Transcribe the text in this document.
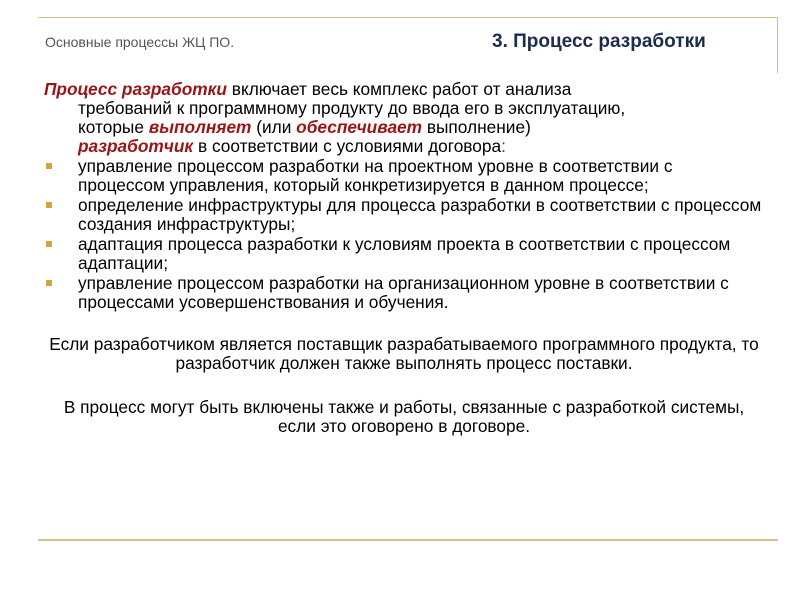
Основные процессы ЖЦ ПО.	3. Процесс разработки

Процесс разработки включает весь комплекс работ от анализа
требований к программному продукту до ввода его в эксплуатацию,
которые выполняет (или обеспечивает выполнение)
разработчик в соответствии с условиями договора:

управление процессом разработки на проектном уровне в соответствии с процессом управления, который конкретизируется в данном процессе;
определение инфраструктуры для процесса разработки в соответствии с процессом создания инфраструктуры;
адаптация процесса разработки к условиям проекта в соответствии с процессом адаптации;
управление процессом разработки на организационном уровне в соответствии с процессами усовершенствования и обучения.

Если разработчиком является поставщик разрабатываемого программного продукта, то разработчик должен также выполнять процесс поставки.

В процесс могут быть включены также и работы, связанные с разработкой системы, если это оговорено в договоре.
